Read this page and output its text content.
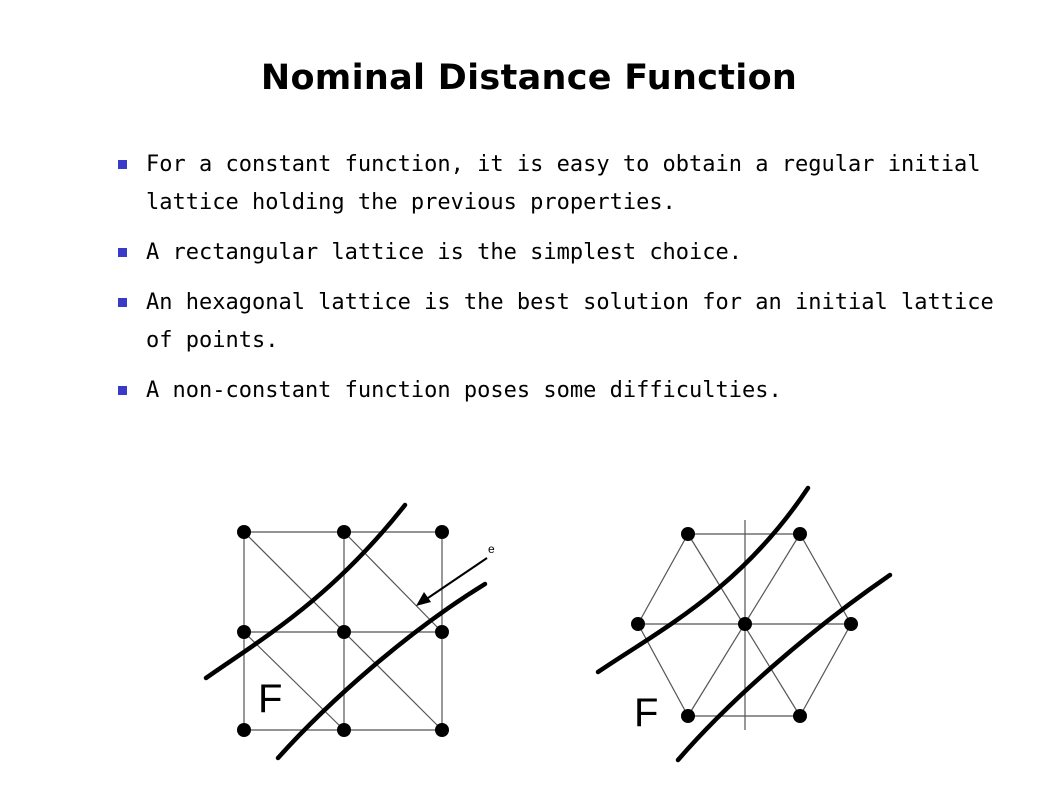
Nominal Distance Function
For a constant function, it is easy to obtain a regular initial lattice holding the previous properties.
A rectangular lattice is the simplest choice.
An hexagonal lattice is the best solution for an initial lattice of points.
A non-constant function poses some difficulties.
e
F	F
